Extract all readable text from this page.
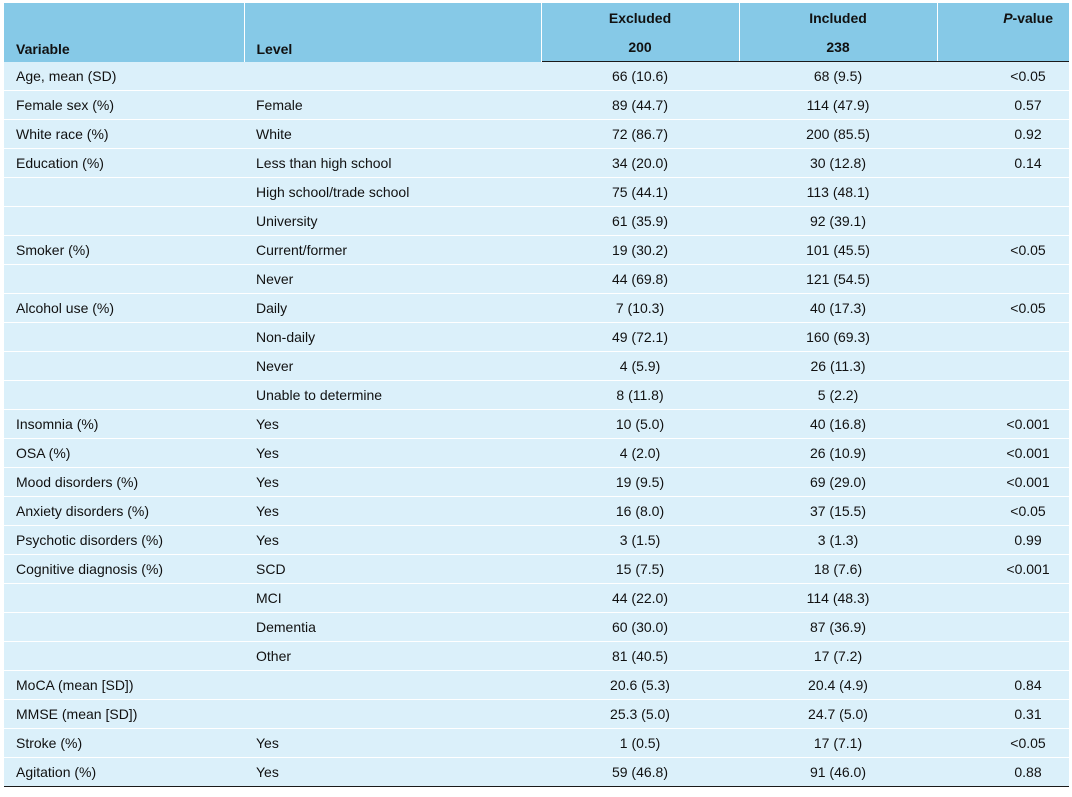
Variable	Level	Excluded	Included	P-value
		200	238	
Age, mean (SD)		66 (10.6)	68 (9.5)	<0.05
Female sex (%)	Female	89 (44.7)	114 (47.9)	0.57
White race (%)	White	72 (86.7)	200 (85.5)	0.92
Education (%)	Less than high school	34 (20.0)	30 (12.8)	0.14
	High school/trade school	75 (44.1)	113 (48.1)	
	University	61 (35.9)	92 (39.1)	
Smoker (%)	Current/former	19 (30.2)	101 (45.5)	<0.05
	Never	44 (69.8)	121 (54.5)	
Alcohol use (%)	Daily	7 (10.3)	40 (17.3)	<0.05
	Non-daily	49 (72.1)	160 (69.3)	
	Never	4 (5.9)	26 (11.3)	
	Unable to determine	8 (11.8)	5 (2.2)	
Insomnia (%)	Yes	10 (5.0)	40 (16.8)	<0.001
OSA (%)	Yes	4 (2.0)	26 (10.9)	<0.001
Mood disorders (%)	Yes	19 (9.5)	69 (29.0)	<0.001
Anxiety disorders (%)	Yes	16 (8.0)	37 (15.5)	<0.05
Psychotic disorders (%)	Yes	3 (1.5)	3 (1.3)	0.99
Cognitive diagnosis (%)	SCD	15 (7.5)	18 (7.6)	<0.001
	MCI	44 (22.0)	114 (48.3)	
	Dementia	60 (30.0)	87 (36.9)	
	Other	81 (40.5)	17 (7.2)	
MoCA (mean [SD])		20.6 (5.3)	20.4 (4.9)	0.84
MMSE (mean [SD])		25.3 (5.0)	24.7 (5.0)	0.31
Stroke (%)	Yes	1 (0.5)	17 (7.1)	<0.05
Agitation (%)	Yes	59 (46.8)	91 (46.0)	0.88
